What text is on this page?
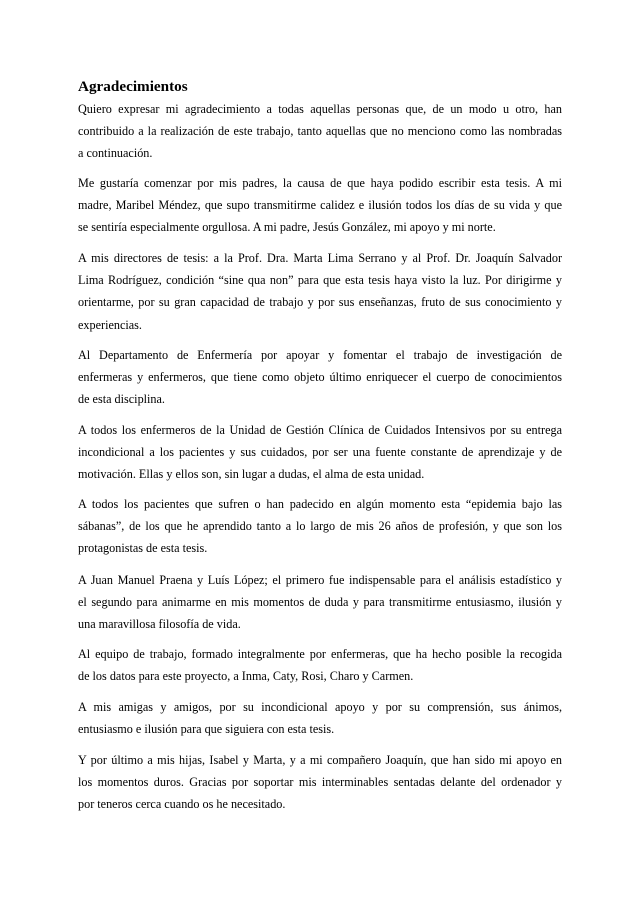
Agradecimientos
Quiero expresar mi agradecimiento a todas aquellas personas que, de un modo u otro, han
contribuido a la realización de este trabajo, tanto aquellas que no menciono como las nombradas
a continuación.
Me gustaría comenzar por mis padres, la causa de que haya podido escribir esta tesis. A mi
madre, Maribel Méndez, que supo transmitirme calidez e ilusión todos los días de su vida y que
se sentiría especialmente orgullosa. A mi padre, Jesús González, mi apoyo y mi norte.
A mis directores de tesis: a la Prof. Dra. Marta Lima Serrano y al Prof. Dr. Joaquín Salvador
Lima Rodríguez, condición “sine qua non” para que esta tesis haya visto la luz. Por dirigirme y
orientarme, por su gran capacidad de trabajo y por sus enseñanzas, fruto de sus conocimiento y
experiencias.
Al Departamento de Enfermería por apoyar y fomentar el trabajo de investigación de
enfermeras y enfermeros, que tiene como objeto último enriquecer el cuerpo de conocimientos
de esta disciplina.
A todos los enfermeros de la Unidad de Gestión Clínica de Cuidados Intensivos por su entrega
incondicional a los pacientes y sus cuidados, por ser una fuente constante de aprendizaje y de
motivación. Ellas y ellos son, sin lugar a dudas, el alma de esta unidad.
A todos los pacientes que sufren o han padecido en algún momento esta “epidemia bajo las
sábanas”, de los que he aprendido tanto a lo largo de mis 26 años de profesión, y que son los
protagonistas de esta tesis.
A Juan Manuel Praena y Luís López; el primero fue indispensable para el análisis estadístico y
el segundo para animarme en mis momentos de duda y para transmitirme entusiasmo, ilusión y
una maravillosa filosofía de vida.
Al equipo de trabajo, formado integralmente por enfermeras, que ha hecho posible la recogida
de los datos para este proyecto, a Inma, Caty, Rosi, Charo y Carmen.
A mis amigas y amigos, por su incondicional apoyo y por su comprensión, sus ánimos,
entusiasmo e ilusión para que siguiera con esta tesis.
Y por último a mis hijas, Isabel y Marta, y a mi compañero Joaquín, que han sido mi apoyo en
los momentos duros. Gracias por soportar mis interminables sentadas delante del ordenador y
por teneros cerca cuando os he necesitado.
